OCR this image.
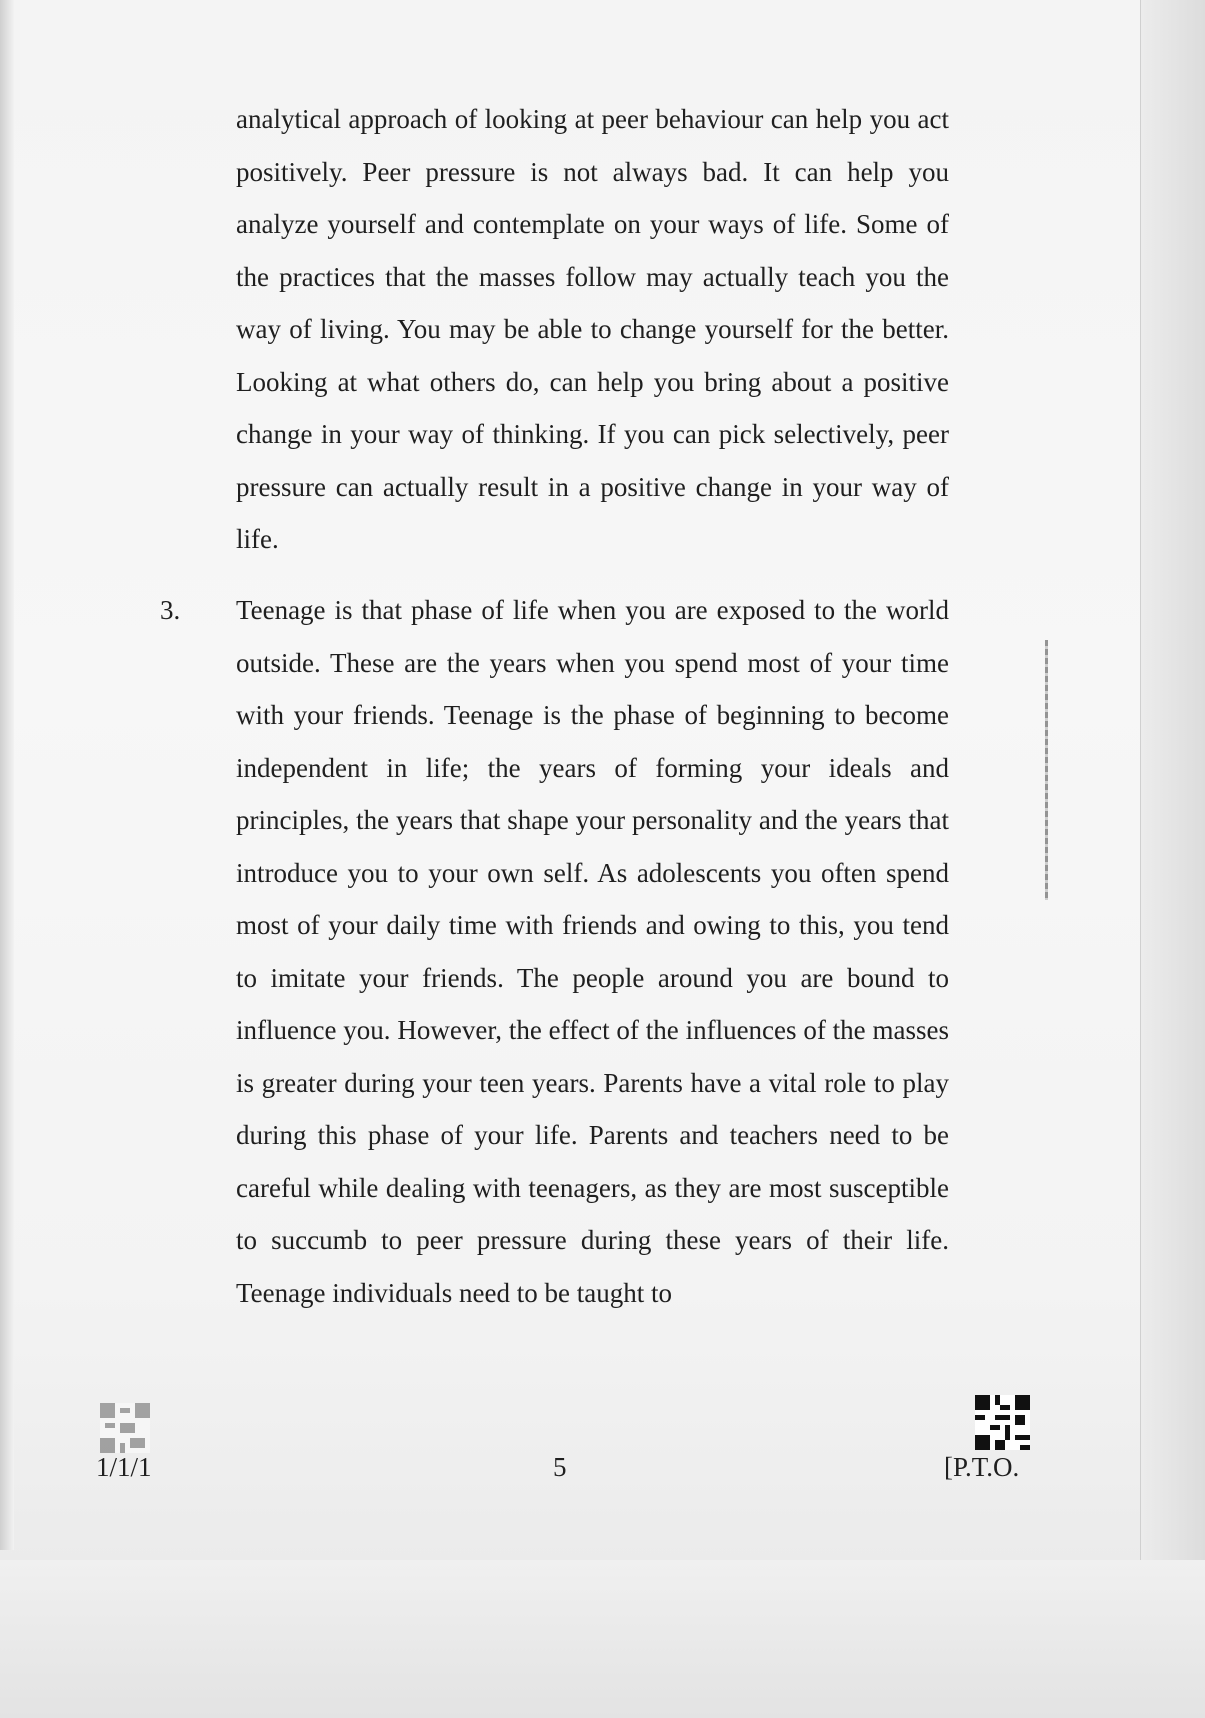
analytical approach of looking at peer behaviour can help you act positively. Peer pressure is not always bad. It can help you analyze yourself and contemplate on your ways of life. Some of the practices that the masses follow may actually teach you the way of living. You may be able to change yourself for the better. Looking at what others do, can help you bring about a positive change in your way of thinking. If you can pick selectively, peer pressure can actually result in a positive change in your way of life.

3. Teenage is that phase of life when you are exposed to the world outside. These are the years when you spend most of your time with your friends. Teenage is the phase of beginning to become independent in life; the years of forming your ideals and principles, the years that shape your personality and the years that introduce you to your own self. As adolescents you often spend most of your daily time with friends and owing to this, you tend to imitate your friends. The people around you are bound to influence you. However, the effect of the influences of the masses is greater during your teen years. Parents have a vital role to play during this phase of your life. Parents and teachers need to be careful while dealing with teenagers, as they are most susceptible to succumb to peer pressure during these years of their life. Teenage individuals need to be taught to

1/1/1	5	[P.T.O.
